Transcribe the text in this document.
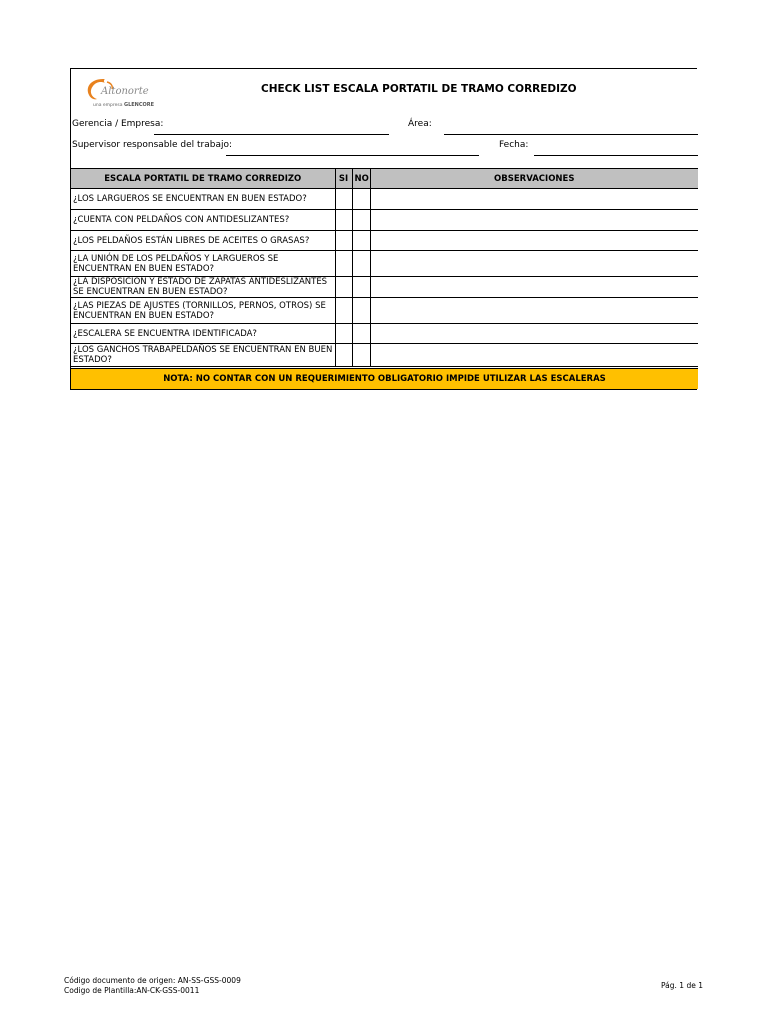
Altonorte
una empresa GLENCORE
CHECK LIST ESCALA PORTATIL DE TRAMO CORREDIZO
Gerencia / Empresa:	Área:
Supervisor responsable del trabajo:	Fecha:
ESCALA PORTATIL DE TRAMO CORREDIZO	SI	NO	OBSERVACIONES
¿LOS LARGUEROS SE ENCUENTRAN EN BUEN ESTADO?			
¿CUENTA CON PELDAÑOS CON ANTIDESLIZANTES?			
¿LOS PELDAÑOS ESTÁN LIBRES DE ACEITES O GRASAS?			
¿LA UNIÓN DE LOS PELDAÑOS Y LARGUEROS SE ENCUENTRAN EN BUEN ESTADO?			
¿LA DISPOSICIÓN Y ESTADO DE ZAPATAS ANTIDESLIZANTES SE ENCUENTRAN EN BUEN ESTADO?			
¿LAS PIEZAS DE AJUSTES (TORNILLOS, PERNOS, OTROS) SE ENCUENTRAN EN BUEN ESTADO?			
¿ESCALERA SE ENCUENTRA IDENTIFICADA?			
¿LOS GANCHOS TRABAPELDAÑOS SE ENCUENTRAN EN BUEN ESTADO?			
NOTA: NO CONTAR CON UN REQUERIMIENTO OBLIGATORIO IMPIDE UTILIZAR LAS ESCALERAS
Código documento de origen: AN-SS-GSS-0009
Codigo de Plantilla:AN-CK-GSS-0011
Pág. 1 de 1
